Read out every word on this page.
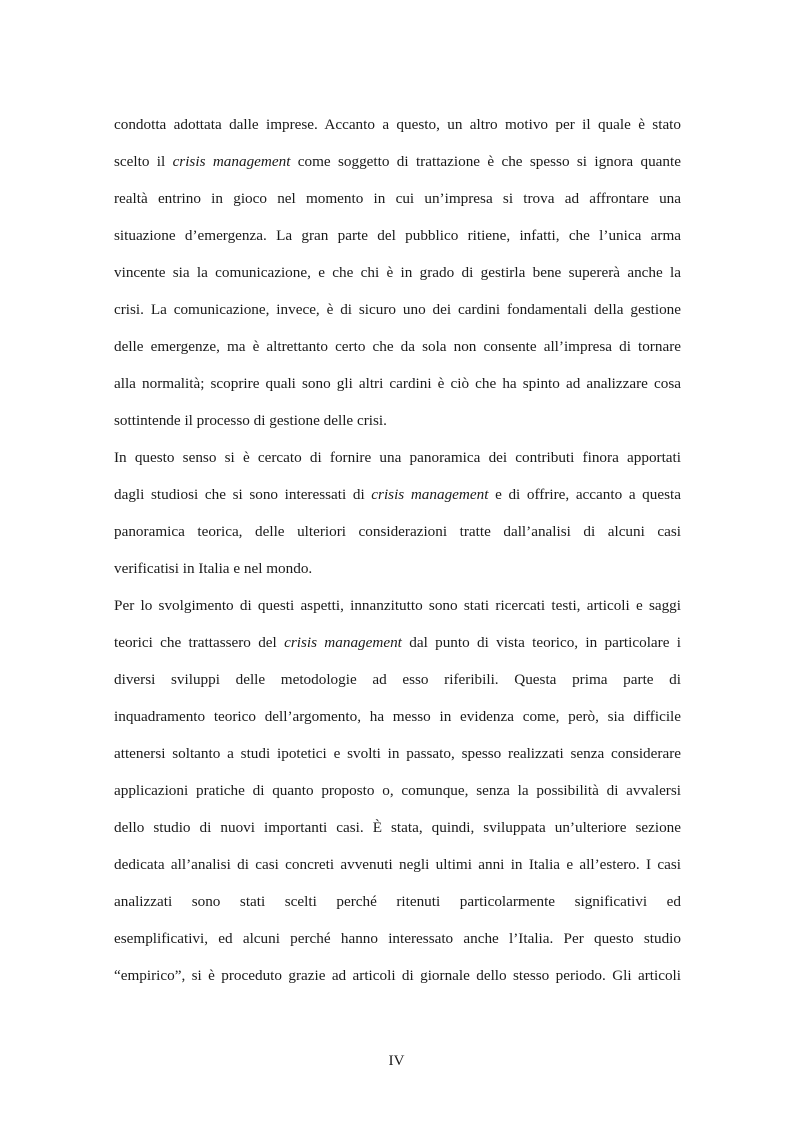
condotta adottata dalle imprese. Accanto a questo, un altro motivo per il quale è stato
scelto il crisis management come soggetto di trattazione è che spesso si ignora quante
realtà entrino in gioco nel momento in cui un’impresa si trova ad affrontare una
situazione d’emergenza. La gran parte del pubblico ritiene, infatti, che l’unica arma
vincente sia la comunicazione, e che chi è in grado di gestirla bene supererà anche la
crisi. La comunicazione, invece, è di sicuro uno dei cardini fondamentali della gestione
delle emergenze, ma è altrettanto certo che da sola non consente all’impresa di tornare
alla normalità; scoprire quali sono gli altri cardini è ciò che ha spinto ad analizzare cosa
sottintende il processo di gestione delle crisi.
In questo senso si è cercato di fornire una panoramica dei contributi finora apportati
dagli studiosi che si sono interessati di crisis management e di offrire, accanto a questa
panoramica teorica, delle ulteriori considerazioni tratte dall’analisi di alcuni casi
verificatisi in Italia e nel mondo.
Per lo svolgimento di questi aspetti, innanzitutto sono stati ricercati testi, articoli e saggi
teorici che trattassero del crisis management dal punto di vista teorico, in particolare i
diversi sviluppi delle metodologie ad esso riferibili. Questa prima parte di
inquadramento teorico dell’argomento, ha messo in evidenza come, però, sia difficile
attenersi soltanto a studi ipotetici e svolti in passato, spesso realizzati senza considerare
applicazioni pratiche di quanto proposto o, comunque, senza la possibilità di avvalersi
dello studio di nuovi importanti casi. È stata, quindi, sviluppata un’ulteriore sezione
dedicata all’analisi di casi concreti avvenuti negli ultimi anni in Italia e all’estero. I casi
analizzati sono stati scelti perché ritenuti particolarmente significativi ed
esemplificativi, ed alcuni perché hanno interessato anche l’Italia. Per questo studio
“empirico”, si è proceduto grazie ad articoli di giornale dello stesso periodo. Gli articoli
IV
